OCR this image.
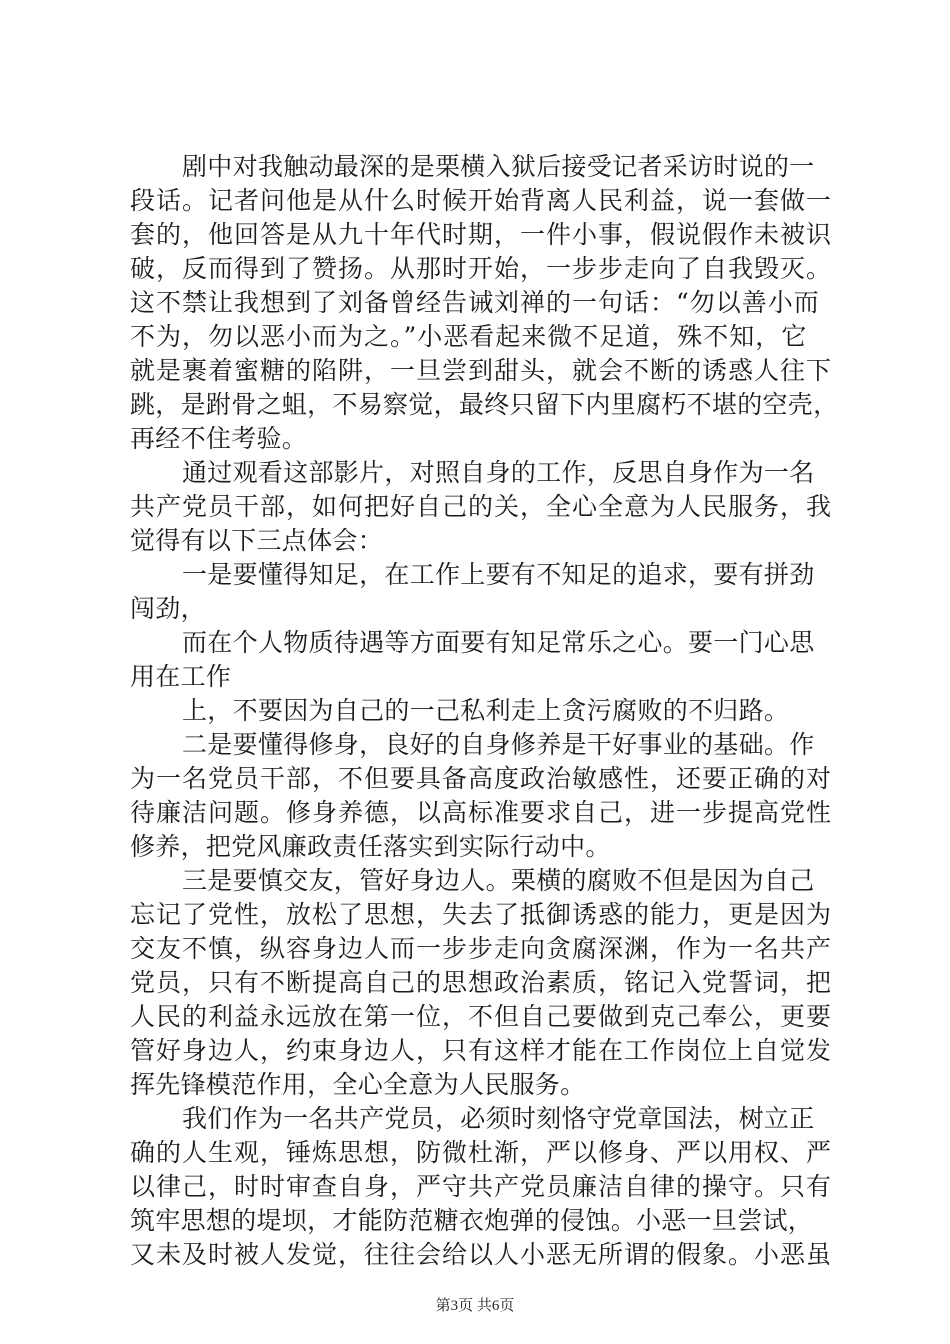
剧中对我触动最深的是栗横入狱后接受记者采访时说的一
段话。记者问他是从什么时候开始背离人民利益，说一套做一
套的，他回答是从九十年代时期，一件小事，假说假作未被识
破，反而得到了赞扬。从那时开始，一步步走向了自我毁灭。
这不禁让我想到了刘备曾经告诫刘禅的一句话：“勿以善小而
不为，勿以恶小而为之。”小恶看起来微不足道，殊不知，它
就是裹着蜜糖的陷阱，一旦尝到甜头，就会不断的诱惑人往下
跳，是跗骨之蛆，不易察觉，最终只留下内里腐朽不堪的空壳，
再经不住考验。
通过观看这部影片，对照自身的工作，反思自身作为一名
共产党员干部，如何把好自己的关，全心全意为人民服务，我
觉得有以下三点体会：
一是要懂得知足，在工作上要有不知足的追求，要有拼劲
闯劲，
而在个人物质待遇等方面要有知足常乐之心。要一门心思
用在工作
上，不要因为自己的一己私利走上贪污腐败的不归路。
二是要懂得修身，良好的自身修养是干好事业的基础。作
为一名党员干部，不但要具备高度政治敏感性，还要正确的对
待廉洁问题。修身养德，以高标准要求自己，进一步提高党性
修养，把党风廉政责任落实到实际行动中。
三是要慎交友，管好身边人。栗横的腐败不但是因为自己
忘记了党性，放松了思想，失去了抵御诱惑的能力，更是因为
交友不慎，纵容身边人而一步步走向贪腐深渊，作为一名共产
党员，只有不断提高自己的思想政治素质，铭记入党誓词，把
人民的利益永远放在第一位，不但自己要做到克己奉公，更要
管好身边人，约束身边人，只有这样才能在工作岗位上自觉发
挥先锋模范作用，全心全意为人民服务。
我们作为一名共产党员，必须时刻恪守党章国法，树立正
确的人生观，锤炼思想，防微杜渐，严以修身、严以用权、严
以律己，时时审查自身，严守共产党员廉洁自律的操守。只有
筑牢思想的堤坝，才能防范糖衣炮弹的侵蚀。小恶一旦尝试，
又未及时被人发觉，往往会给以人小恶无所谓的假象。小恶虽
第3页 共6页
